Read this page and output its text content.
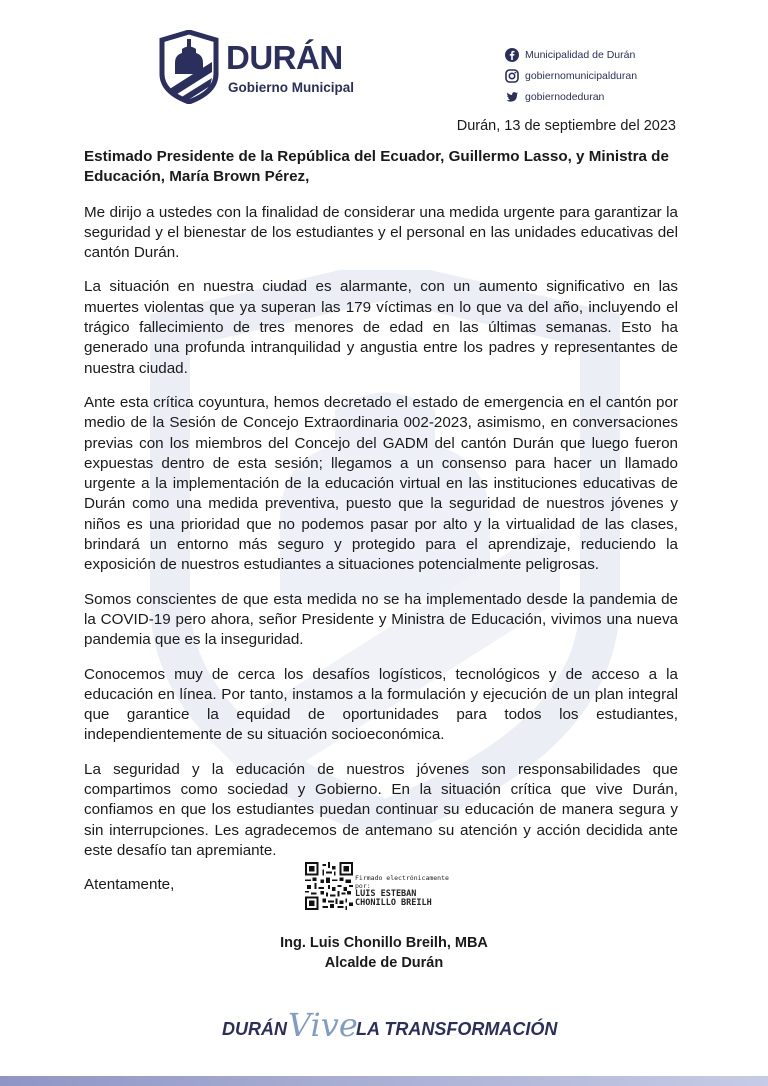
DURÁN
Gobierno Municipal
Municipalidad de Durán
gobiernomunicipalduran
gobiernodeduran
Durán, 13 de septiembre del 2023

Estimado Presidente de la República del Ecuador, Guillermo Lasso, y Ministra de Educación, María Brown Pérez,

Me dirijo a ustedes con la finalidad de considerar una medida urgente para garantizar la seguridad y el bienestar de los estudiantes y el personal en las unidades educativas del cantón Durán.

La situación en nuestra ciudad es alarmante, con un aumento significativo en las muertes violentas que ya superan las 179 víctimas en lo que va del año, incluyendo el trágico fallecimiento de tres menores de edad en las últimas semanas. Esto ha generado una profunda intranquilidad y angustia entre los padres y representantes de nuestra ciudad.

Ante esta crítica coyuntura, hemos decretado el estado de emergencia en el cantón por medio de la Sesión de Concejo Extraordinaria 002-2023, asimismo, en conversaciones previas con los miembros del Concejo del GADM del cantón Durán que luego fueron expuestas dentro de esta sesión; llegamos a un consenso para hacer un llamado urgente a la implementación de la educación virtual en las instituciones educativas de Durán como una medida preventiva, puesto que la seguridad de nuestros jóvenes y niños es una prioridad que no podemos pasar por alto y la virtualidad de las clases, brindará un entorno más seguro y protegido para el aprendizaje, reduciendo la exposición de nuestros estudiantes a situaciones potencialmente peligrosas.

Somos conscientes de que esta medida no se ha implementado desde la pandemia de la COVID-19 pero ahora, señor Presidente y Ministra de Educación, vivimos una nueva pandemia que es la inseguridad.

Conocemos muy de cerca los desafíos logísticos, tecnológicos y de acceso a la educación en línea. Por tanto, instamos a la formulación y ejecución de un plan integral que garantice la equidad de oportunidades para todos los estudiantes, independientemente de su situación socioeconómica.

La seguridad y la educación de nuestros jóvenes son responsabilidades que compartimos como sociedad y Gobierno. En la situación crítica que vive Durán, confiamos en que los estudiantes puedan continuar su educación de manera segura y sin interrupciones. Les agradecemos de antemano su atención y acción decidida ante este desafío tan apremiante.

Atentamente,	Firmado electrónicamente por:
LUIS ESTEBAN
CHONILLO BREILH
Ing. Luis Chonillo Breilh, MBA
Alcalde de Durán
DURÁN Vive
LA TRANSFORMACIÓN
